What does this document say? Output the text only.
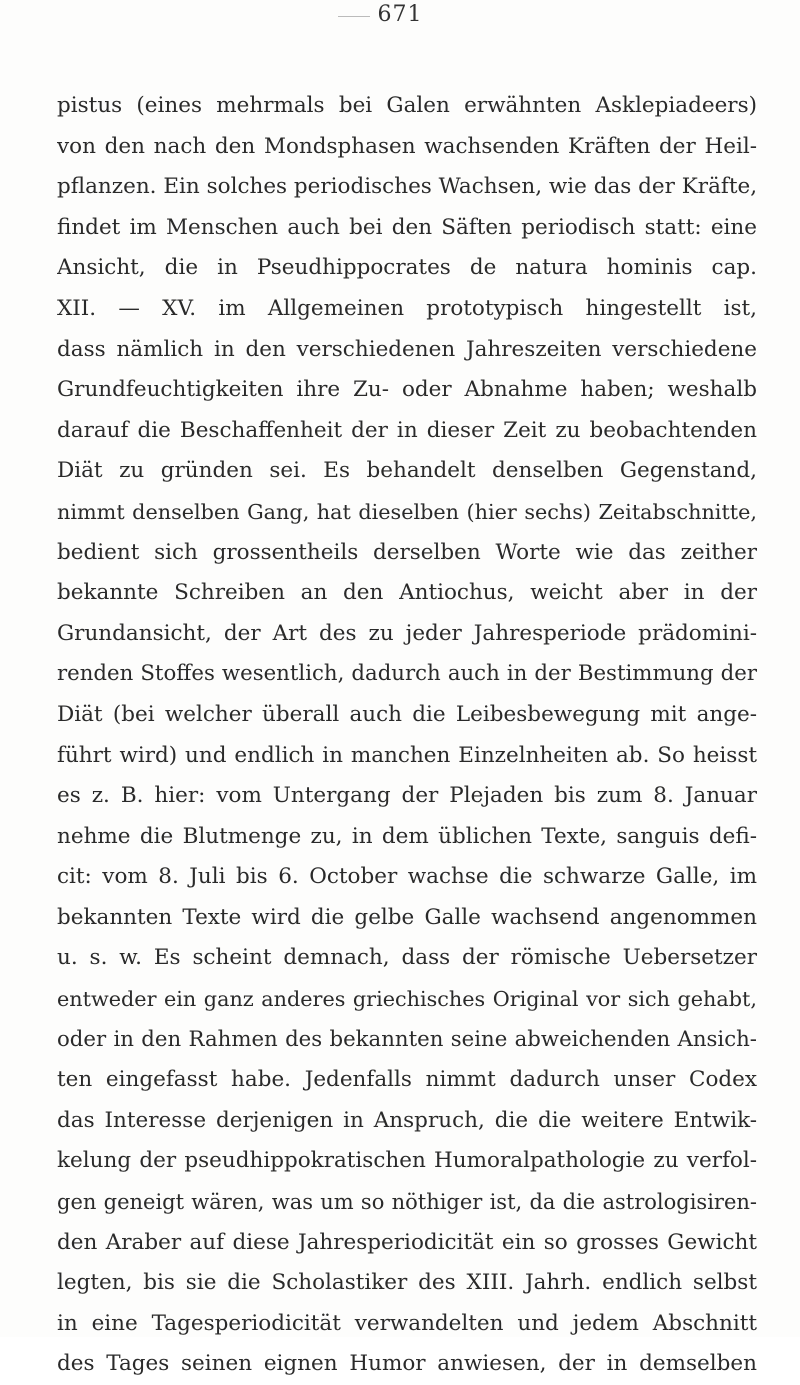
671
pistus (eines mehrmals bei Galen erwähnten Asklepiadeers)
von den nach den Mondsphasen wachsenden Kräften der Heil-
pflanzen. Ein solches periodisches Wachsen, wie das der Kräfte,
findet im Menschen auch bei den Säften periodisch statt: eine
Ansicht, die in Pseudhippocrates de natura hominis cap.
XII. — XV. im Allgemeinen prototypisch hingestellt ist,
dass nämlich in den verschiedenen Jahreszeiten verschiedene
Grundfeuchtigkeiten ihre Zu- oder Abnahme haben; weshalb
darauf die Beschaffenheit der in dieser Zeit zu beobachtenden
Diät zu gründen sei. Es behandelt denselben Gegenstand,
nimmt denselben Gang, hat dieselben (hier sechs) Zeitabschnitte,
bedient sich grossentheils derselben Worte wie das zeither
bekannte Schreiben an den Antiochus, weicht aber in der
Grundansicht, der Art des zu jeder Jahresperiode prädomini-
renden Stoffes wesentlich, dadurch auch in der Bestimmung der
Diät (bei welcher überall auch die Leibesbewegung mit ange-
führt wird) und endlich in manchen Einzelnheiten ab. So heisst
es z. B. hier: vom Untergang der Plejaden bis zum 8. Januar
nehme die Blutmenge zu, in dem üblichen Texte, sanguis defi-
cit: vom 8. Juli bis 6. October wachse die schwarze Galle, im
bekannten Texte wird die gelbe Galle wachsend angenommen
u. s. w. Es scheint demnach, dass der römische Uebersetzer
entweder ein ganz anderes griechisches Original vor sich gehabt,
oder in den Rahmen des bekannten seine abweichenden Ansich-
ten eingefasst habe. Jedenfalls nimmt dadurch unser Codex
das Interesse derjenigen in Anspruch, die die weitere Entwik-
kelung der pseudhippokratischen Humoralpathologie zu verfol-
gen geneigt wären, was um so nöthiger ist, da die astrologisiren-
den Araber auf diese Jahresperiodicität ein so grosses Gewicht
legten, bis sie die Scholastiker des XIII. Jahrh. endlich selbst
in eine Tagesperiodicität verwandelten und jedem Abschnitt
des Tages seinen eignen Humor anwiesen, der in demselben
